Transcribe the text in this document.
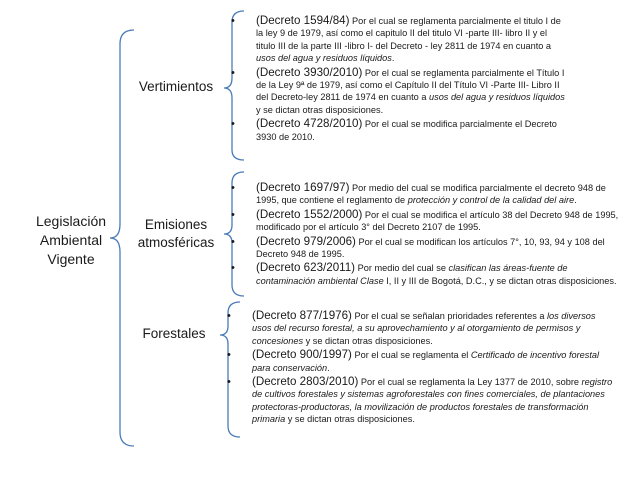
Legislación
Ambiental
Vigente
Vertimientos
Emisiones
atmosféricas
Forestales

• (Decreto 1594/84) Por el cual se reglamenta parcialmente el titulo I de la ley 9 de 1979, así como el capitulo II del titulo VI -parte III- libro II y el titulo III de la parte III -libro I- del Decreto - ley 2811 de 1974 en cuanto a usos del agua y residuos líquidos.

• (Decreto 3930/2010) Por el cual se reglamenta parcialmente el Título I de la Ley 9ª de 1979, así como el Capítulo II del Título VI -Parte III- Libro II del Decreto-ley 2811 de 1974 en cuanto a usos del agua y residuos líquidos y se dictan otras disposiciones.

• (Decreto 4728/2010) Por el cual se modifica parcialmente el Decreto 3930 de 2010.

• (Decreto 1697/97) Por medio del cual se modifica parcialmente el decreto 948 de 1995, que contiene el reglamento de protección y control de la calidad del aire.

• (Decreto 1552/2000) Por el cual se modifica el artículo 38 del Decreto 948 de 1995, modificado por el artículo 3° del Decreto 2107 de 1995.

• (Decreto 979/2006) Por el cual se modifican los artículos 7°, 10, 93, 94 y 108 del Decreto 948 de 1995.

• (Decreto 623/2011) Por medio del cual se clasifican las áreas-fuente de contaminación ambiental Clase I, II y III de Bogotá, D.C., y se dictan otras disposiciones.

• (Decreto 877/1976) Por el cual se señalan prioridades referentes a los diversos usos del recurso forestal, a su aprovechamiento y al otorgamiento de permisos y concesiones y se dictan otras disposiciones.

• (Decreto 900/1997) Por el cual se reglamenta el Certificado de incentivo forestal para conservación.

• (Decreto 2803/2010) Por el cual se reglamenta la Ley 1377 de 2010, sobre registro de cultivos forestales y sistemas agroforestales con fines comerciales, de plantaciones protectoras-productoras, la movilización de productos forestales de transformación primaria y se dictan otras disposiciones.
